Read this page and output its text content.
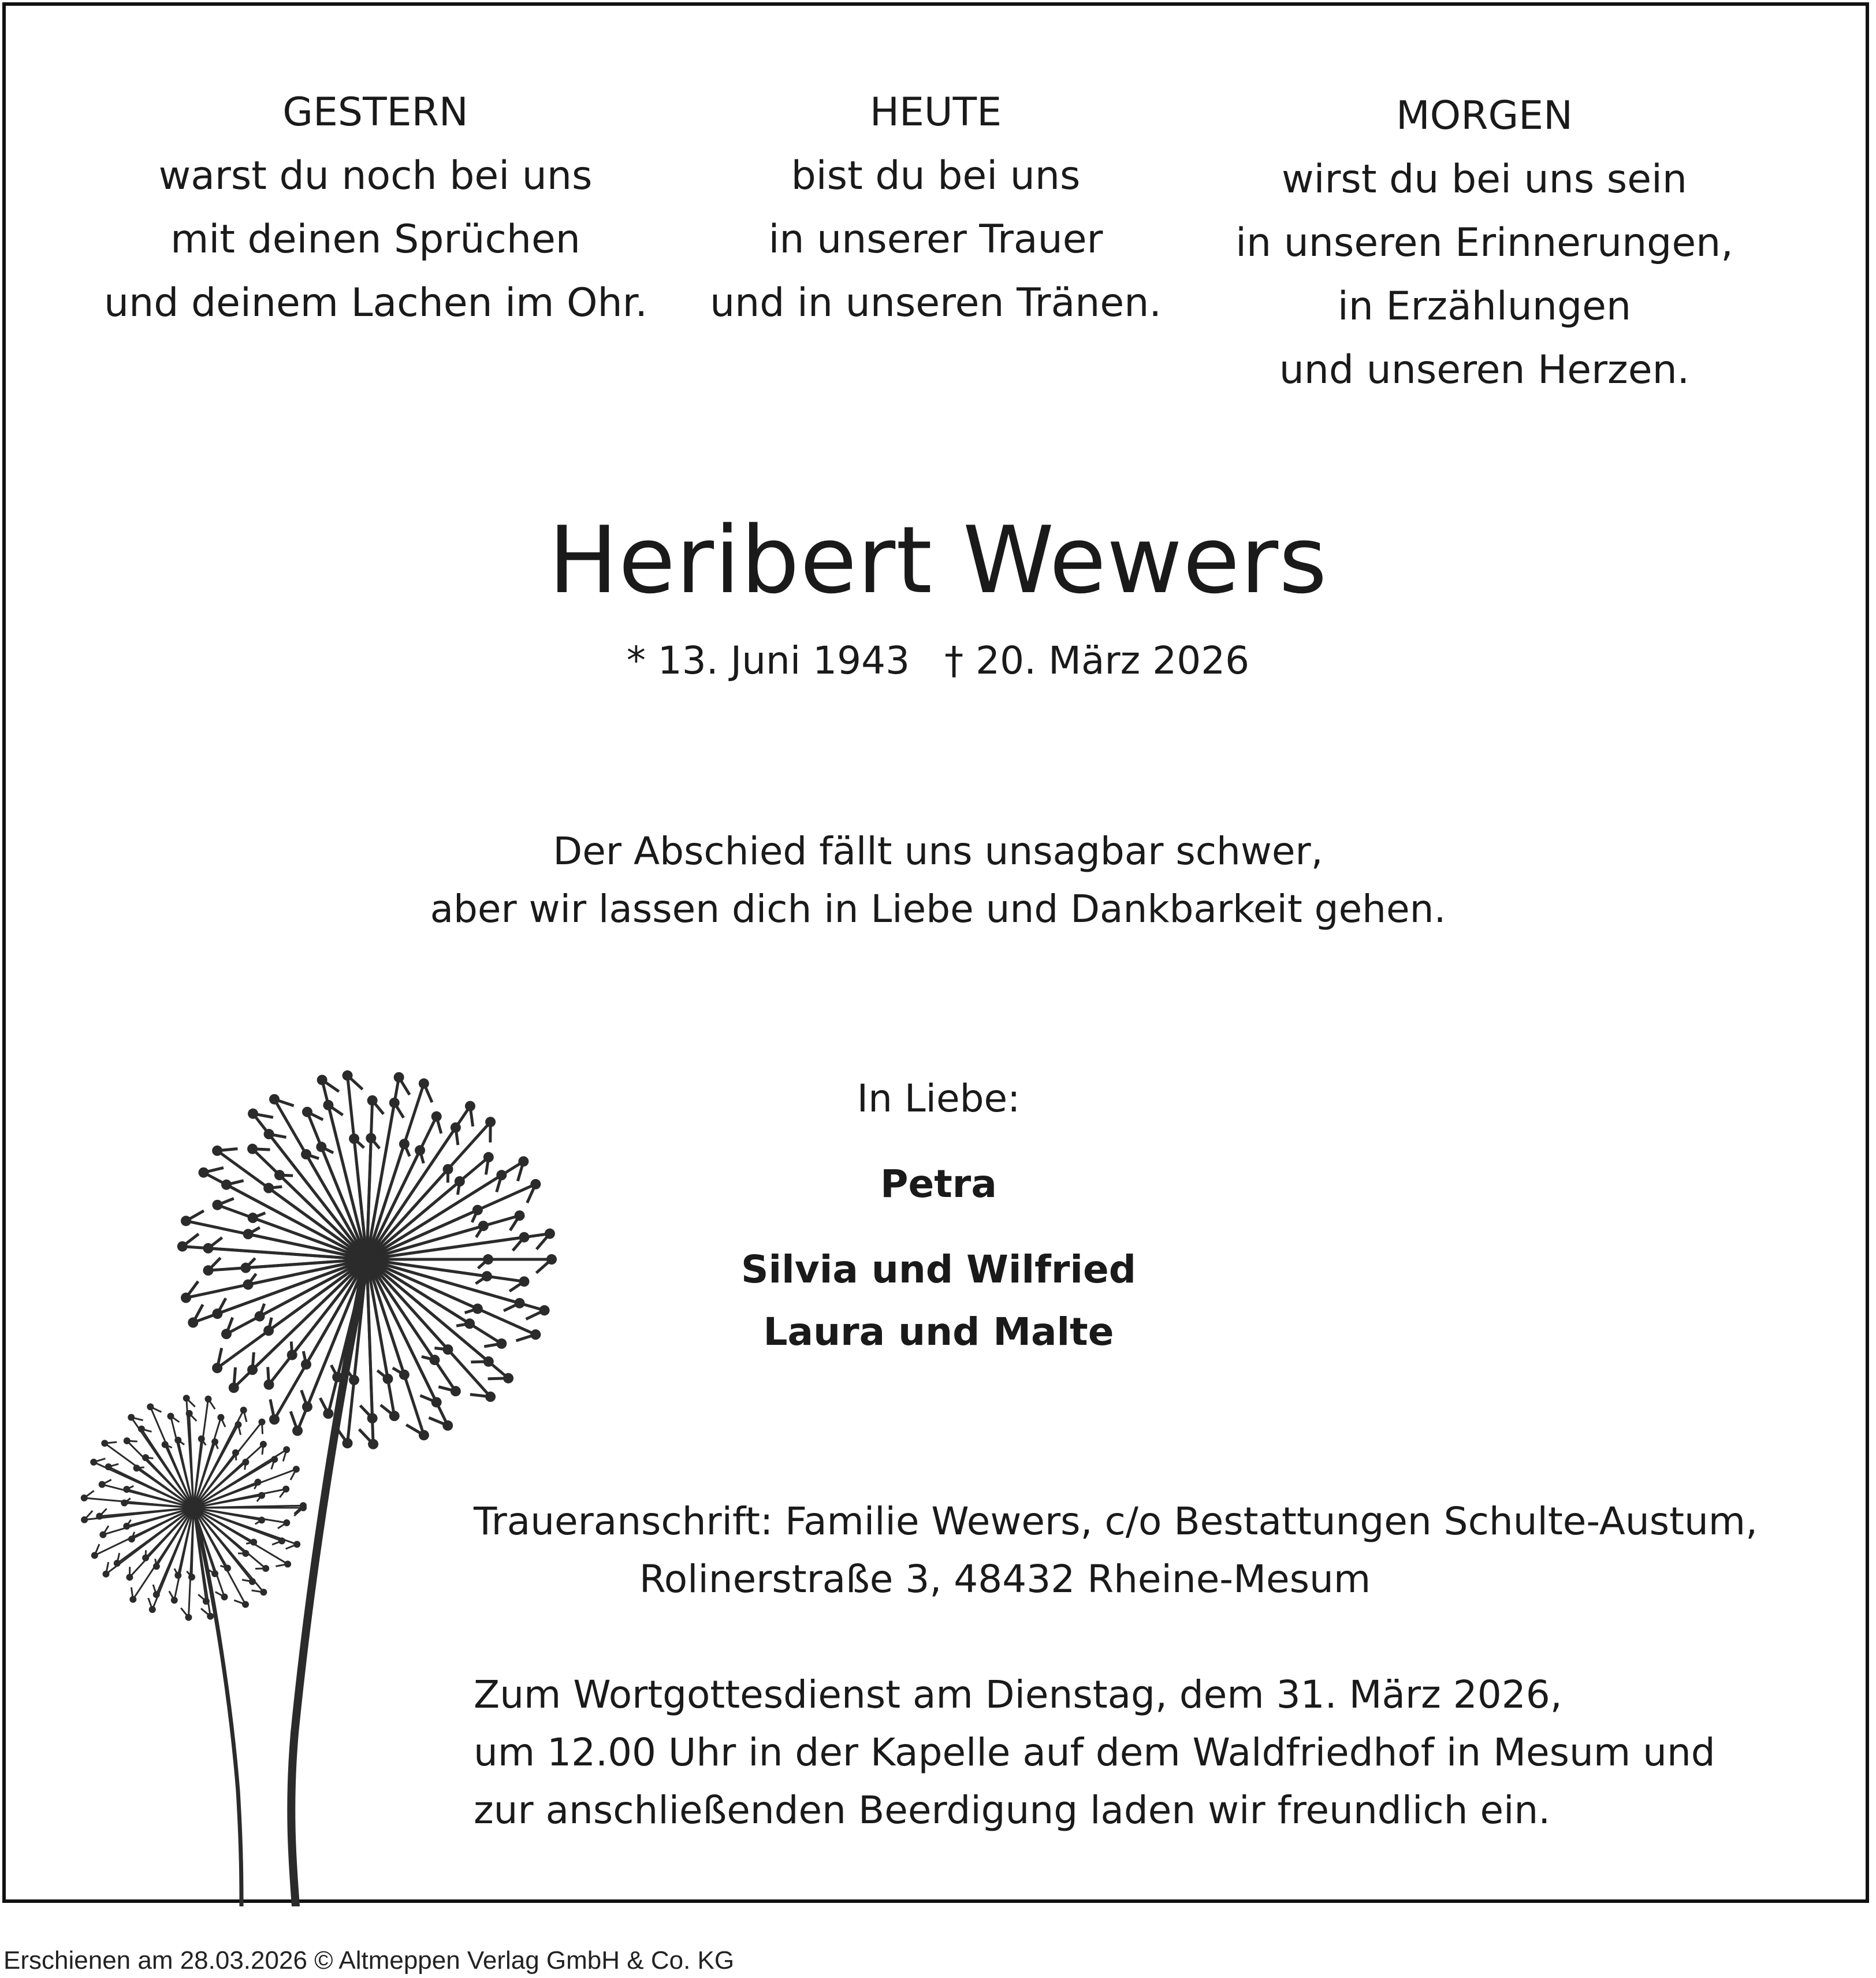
GESTERN
warst du noch bei uns
mit deinen Sprüchen
und deinem Lachen im Ohr.
HEUTE
bist du bei uns
in unserer Trauer
und in unseren Tränen.
MORGEN
wirst du bei uns sein
in unseren Erinnerungen,
in Erzählungen
und unseren Herzen.
Heribert Wewers
* 13. Juni 1943 † 20. März 2026
Der Abschied fällt uns unsagbar schwer,
aber wir lassen dich in Liebe und Dankbarkeit gehen.
In Liebe:
Petra
Silvia und Wilfried
Laura und Malte
Traueranschrift: Familie Wewers, c/o Bestattungen Schulte-Austum,
Rolinerstraße 3, 48432 Rheine-Mesum
Zum Wortgottesdienst am Dienstag, dem 31. März 2026,
um 12.00 Uhr in der Kapelle auf dem Waldfriedhof in Mesum und
zur anschließenden Beerdigung laden wir freundlich ein.
Erschienen am 28.03.2026 © Altmeppen Verlag GmbH & Co. KG
